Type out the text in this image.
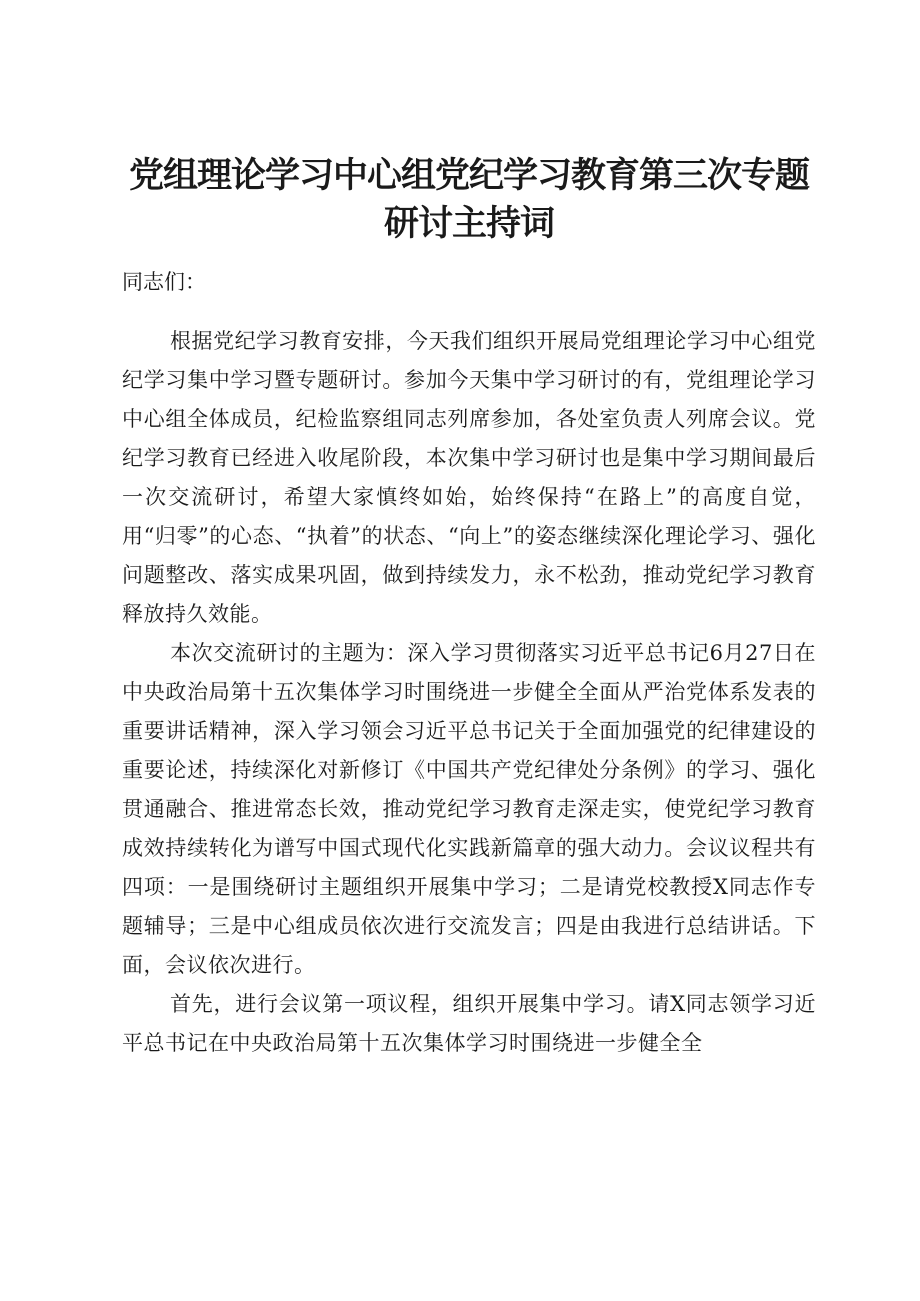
党组理论学习中心组党纪学习教育第三次专题
研讨主持词
同志们：

根据党纪学习教育安排，今天我们组织开展局党组理论学习中心组党纪学习集中学习暨专题研讨。参加今天集中学习研讨的有，党组理论学习中心组全体成员，纪检监察组同志列席参加，各处室负责人列席会议。党纪学习教育已经进入收尾阶段，本次集中学习研讨也是集中学习期间最后一次交流研讨，希望大家慎终如始，始终保持“在路上”的高度自觉，用“归零”的心态、“执着”的状态、“向上”的姿态继续深化理论学习、强化问题整改、落实成果巩固，做到持续发力，永不松劲，推动党纪学习教育释放持久效能。

本次交流研讨的主题为：深入学习贯彻落实习近平总书记6月27日在中央政治局第十五次集体学习时围绕进一步健全全面从严治党体系发表的重要讲话精神，深入学习领会习近平总书记关于全面加强党的纪律建设的重要论述，持续深化对新修订《中国共产党纪律处分条例》的学习、强化贯通融合、推进常态长效，推动党纪学习教育走深走实，使党纪学习教育成效持续转化为谱写中国式现代化实践新篇章的强大动力。会议议程共有四项：一是围绕研讨主题组织开展集中学习；二是请党校教授X同志作专题辅导；三是中心组成员依次进行交流发言；四是由我进行总结讲话。下面，会议依次进行。

首先，进行会议第一项议程，组织开展集中学习。请X同志领学习近平总书记在中央政治局第十五次集体学习时围绕进一步健全全
